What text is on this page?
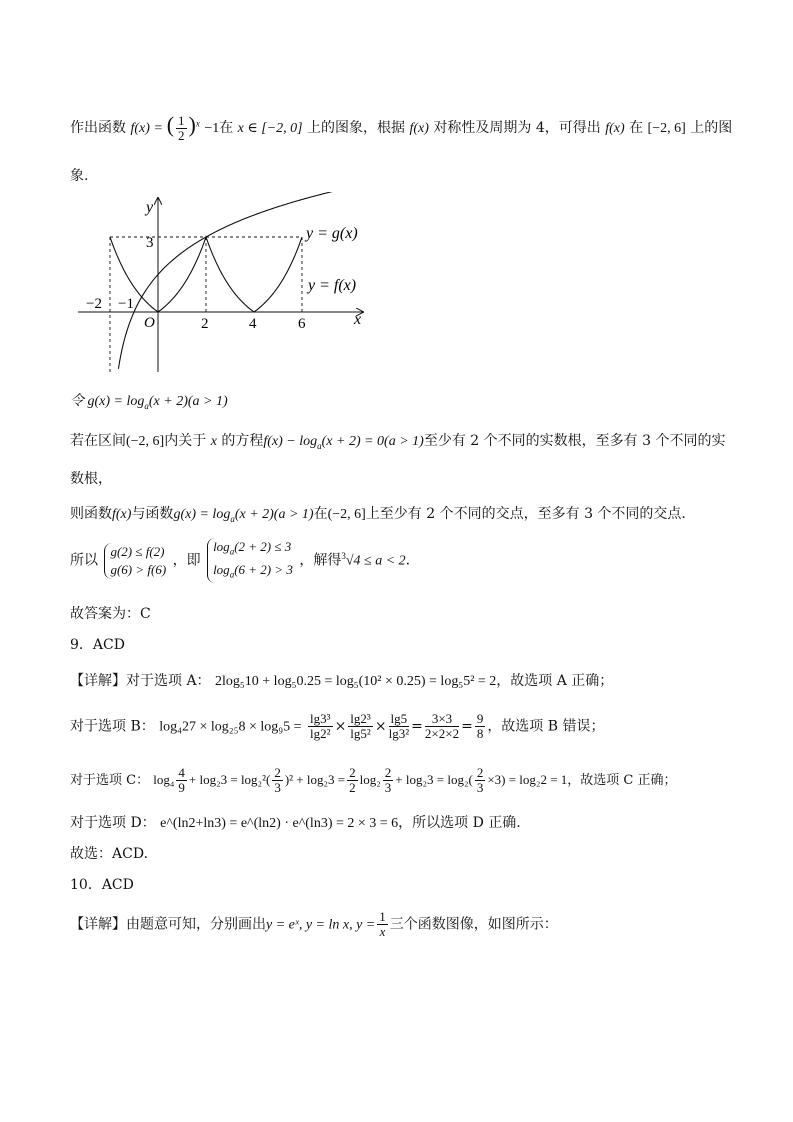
作出函数 f(x) = ( $\frac{1}{2} )^x -1$在 x ∈ [−2, 0] 上的图象，根据 f(x) 对称性及周期为 4，可得出 f(x) 在 [−2, 6] 上的图
象.
y
x
O
3
−2 −1
2	4	6
y = g(x)
y = f(x)
令 $g(x) = \log_a(x + 2)(a > 1)$
若在区间(−2, 6]内关于 x 的方程$f(x) - \log_a(x + 2) = 0(a > 1)$至少有 2 个不同的实数根，至多有 3 个不同的实
数根，
则函数f(x)与函数$g(x) = \log_a(x + 2)(a > 1)$在(−2, 6]上至少有 2 个不同的交点，至多有 3 个不同的交点.
所以
g(2) ≤ f(2)
g(6) > f(6)
，即
$\log_a(2 + 2) \le 3$
$\log_a(6 + 2) > 3$
，解得$^3$√4 ≤ a < 2.
故答案为：C
9．ACD
【详解】对于选项 A： 2log₅10 + log₅0.25 = log₅(10² × 0.25) = log₅5² = 2，故选项 A 正确；
对于选项 B： $\log_427 \times \log_{25}8 \times \log_95 = \frac{\text{lg3³}}{\text{lg2²}} \times \frac{\text{lg2³}}{\text{lg5²}} \times \frac{\lg 5}{\text{lg3²}} = \frac{3\times 3}{2\times 2\times 2} = \frac{9}{8}$ ，故选项 B 错误；
对于选项 C： $\log_4 \frac{4}{9} + \log_23 = \log_2^2( \frac{2}{3} )^2 + \log_23 = \frac{2}{2} \log_2 \frac{2}{3} + \log_23 = \log_2( \frac{2}{3} \times 3) = \log_22 = 1$，故选项 C 正确；
对于选项 D： e^(ln2+ln3) = e^(ln2) · e^(ln3) = 2 × 3 = 6，所以选项 D 正确.
故选：ACD.
10．ACD
【详解】由题意可知，分别画出y = eˣ, y = ln x, $y = \frac{1}{x}$ 三个函数图像，如图所示：
